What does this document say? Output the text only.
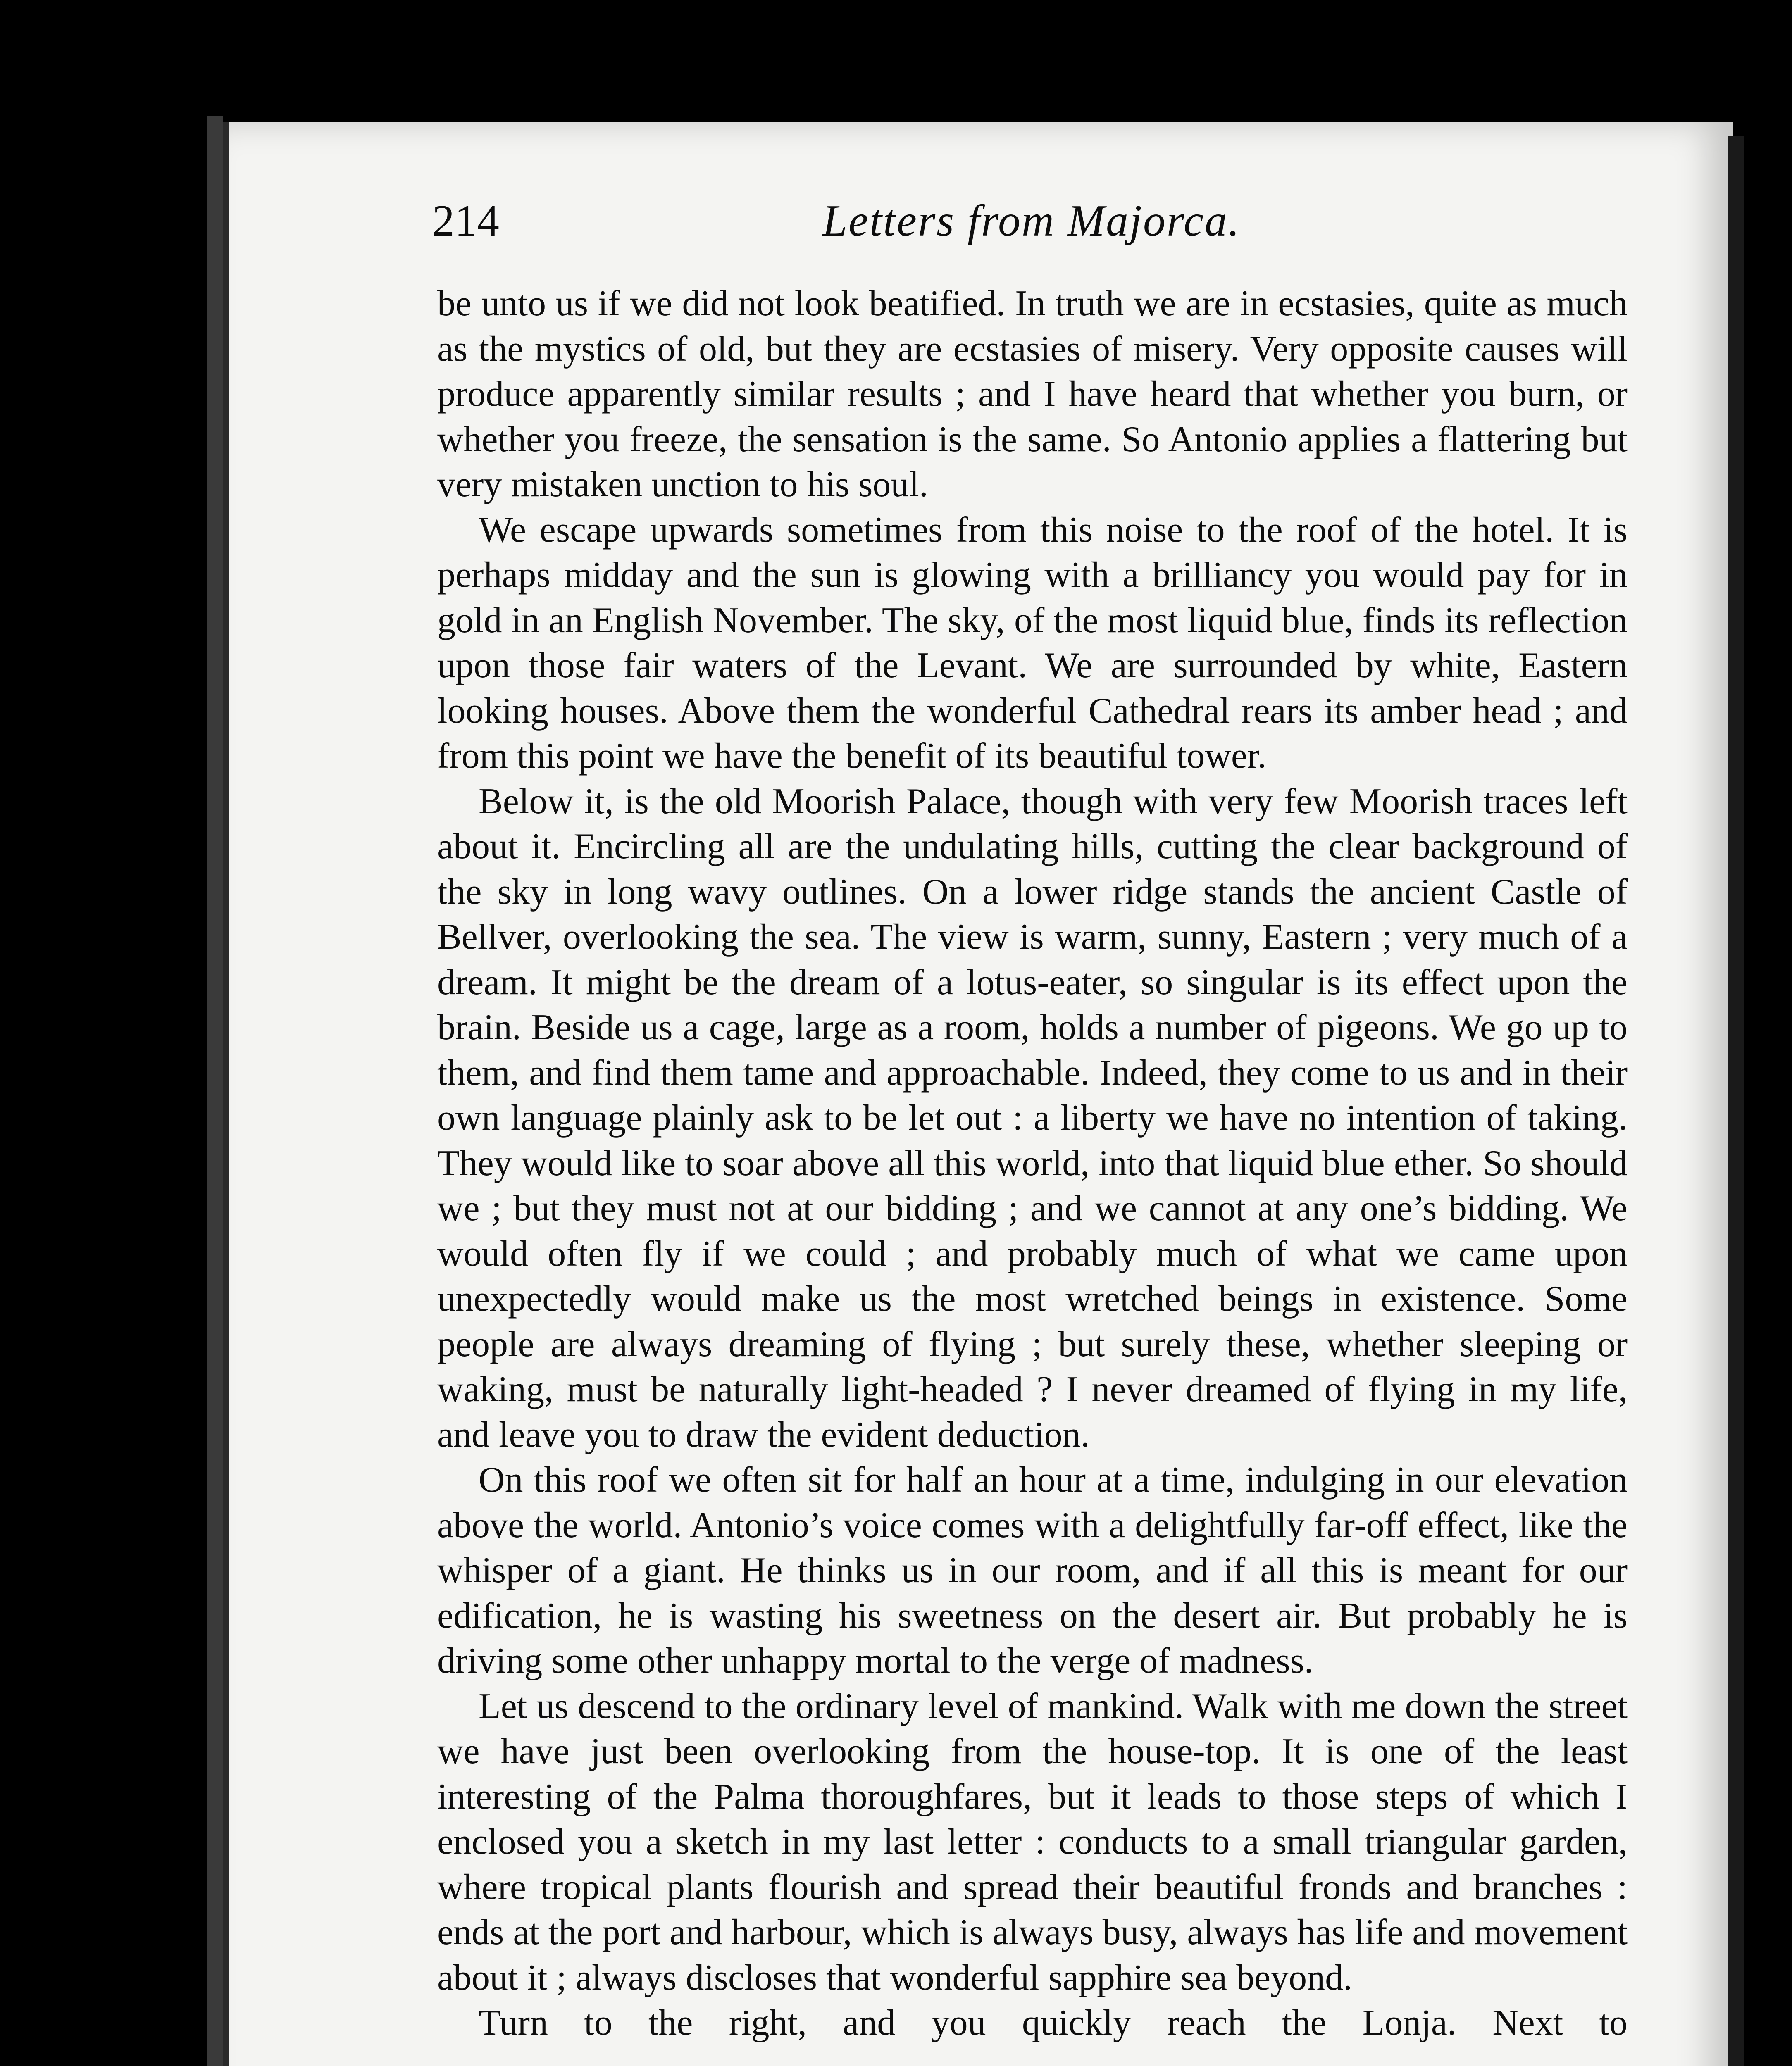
214	Letters from Majorca.

be unto us if we did not look beatified. In truth we are in ecstasies, quite as much as the mystics of old, but they are ecstasies of misery. Very opposite causes will produce apparently similar results ; and I have heard that whether you burn, or whether you freeze, the sensation is the same. So Antonio applies a flattering but very mistaken unction to his soul.

We escape upwards sometimes from this noise to the roof of the hotel. It is perhaps midday and the sun is glowing with a brilliancy you would pay for in gold in an English November. The sky, of the most liquid blue, finds its reflection upon those fair waters of the Levant. We are surrounded by white, Eastern looking houses. Above them the wonderful Cathedral rears its amber head ; and from this point we have the benefit of its beautiful tower.

Below it, is the old Moorish Palace, though with very few Moorish traces left about it. Encircling all are the undulating hills, cutting the clear background of the sky in long wavy outlines. On a lower ridge stands the ancient Castle of Bellver, overlooking the sea. The view is warm, sunny, Eastern ; very much of a dream. It might be the dream of a lotus-eater, so singular is its effect upon the brain. Beside us a cage, large as a room, holds a number of pigeons. We go up to them, and find them tame and approachable. Indeed, they come to us and in their own language plainly ask to be let out : a liberty we have no intention of taking. They would like to soar above all this world, into that liquid blue ether. So should we ; but they must not at our bidding ; and we cannot at any one’s bidding. We would often fly if we could ; and probably much of what we came upon unexpectedly would make us the most wretched beings in existence. Some people are always dreaming of flying ; but surely these, whether sleeping or waking, must be naturally light-headed ? I never dreamed of flying in my life, and leave you to draw the evident deduction.

On this roof we often sit for half an hour at a time, indulging in our elevation above the world. Antonio’s voice comes with a delightfully far-off effect, like the whisper of a giant. He thinks us in our room, and if all this is meant for our edification, he is wasting his sweetness on the desert air. But probably he is driving some other unhappy mortal to the verge of madness.

Let us descend to the ordinary level of mankind. Walk with me down the street we have just been overlooking from the house-top. It is one of the least interesting of the Palma thoroughfares, but it leads to those steps of which I enclosed you a sketch in my last letter : conducts to a small triangular garden, where tropical plants flourish and spread their beautiful fronds and branches : ends at the port and harbour, which is always busy, always has life and movement about it ; always discloses that wonderful sapphire sea beyond.

Turn to the right, and you quickly reach the Lonja. Next to
